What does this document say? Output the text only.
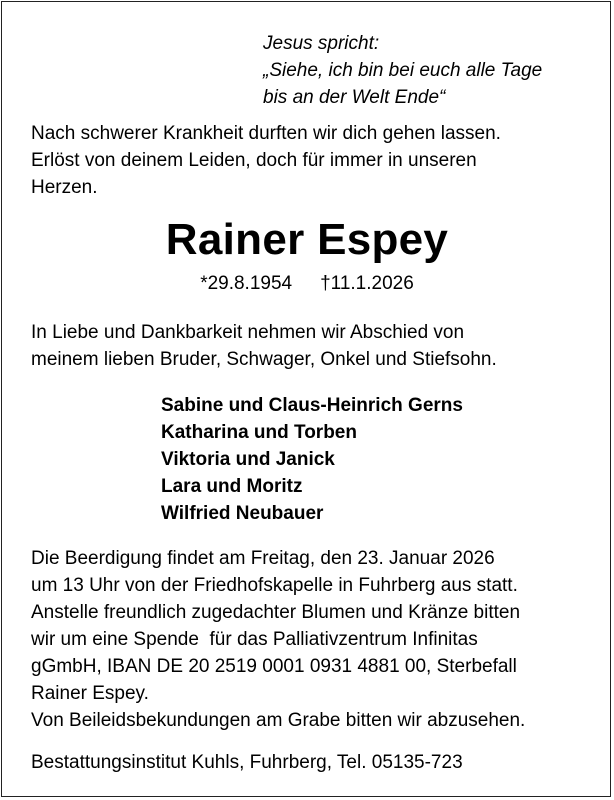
Jesus spricht:
„Siehe, ich bin bei euch alle Tage
bis an der Welt Ende“
Nach schwerer Krankheit durften wir dich gehen lassen.
Erlöst von deinem Leiden, doch für immer in unseren
Herzen.
Rainer Espey
*29.8.1954 †11.1.2026
In Liebe und Dankbarkeit nehmen wir Abschied von
meinem lieben Bruder, Schwager, Onkel und Stiefsohn.
Sabine und Claus-Heinrich Gerns
Katharina und Torben
Viktoria und Janick
Lara und Moritz
Wilfried Neubauer
Die Beerdigung findet am Freitag, den 23. Januar 2026
um 13 Uhr von der Friedhofskapelle in Fuhrberg aus statt.
Anstelle freundlich zugedachter Blumen und Kränze bitten
wir um eine Spende  für das Palliativzentrum Infinitas
gGmbH, IBAN DE 20 2519 0001 0931 4881 00, Sterbefall
Rainer Espey.
Von Beileidsbekundungen am Grabe bitten wir abzusehen.
Bestattungsinstitut Kuhls, Fuhrberg, Tel. 05135-723
